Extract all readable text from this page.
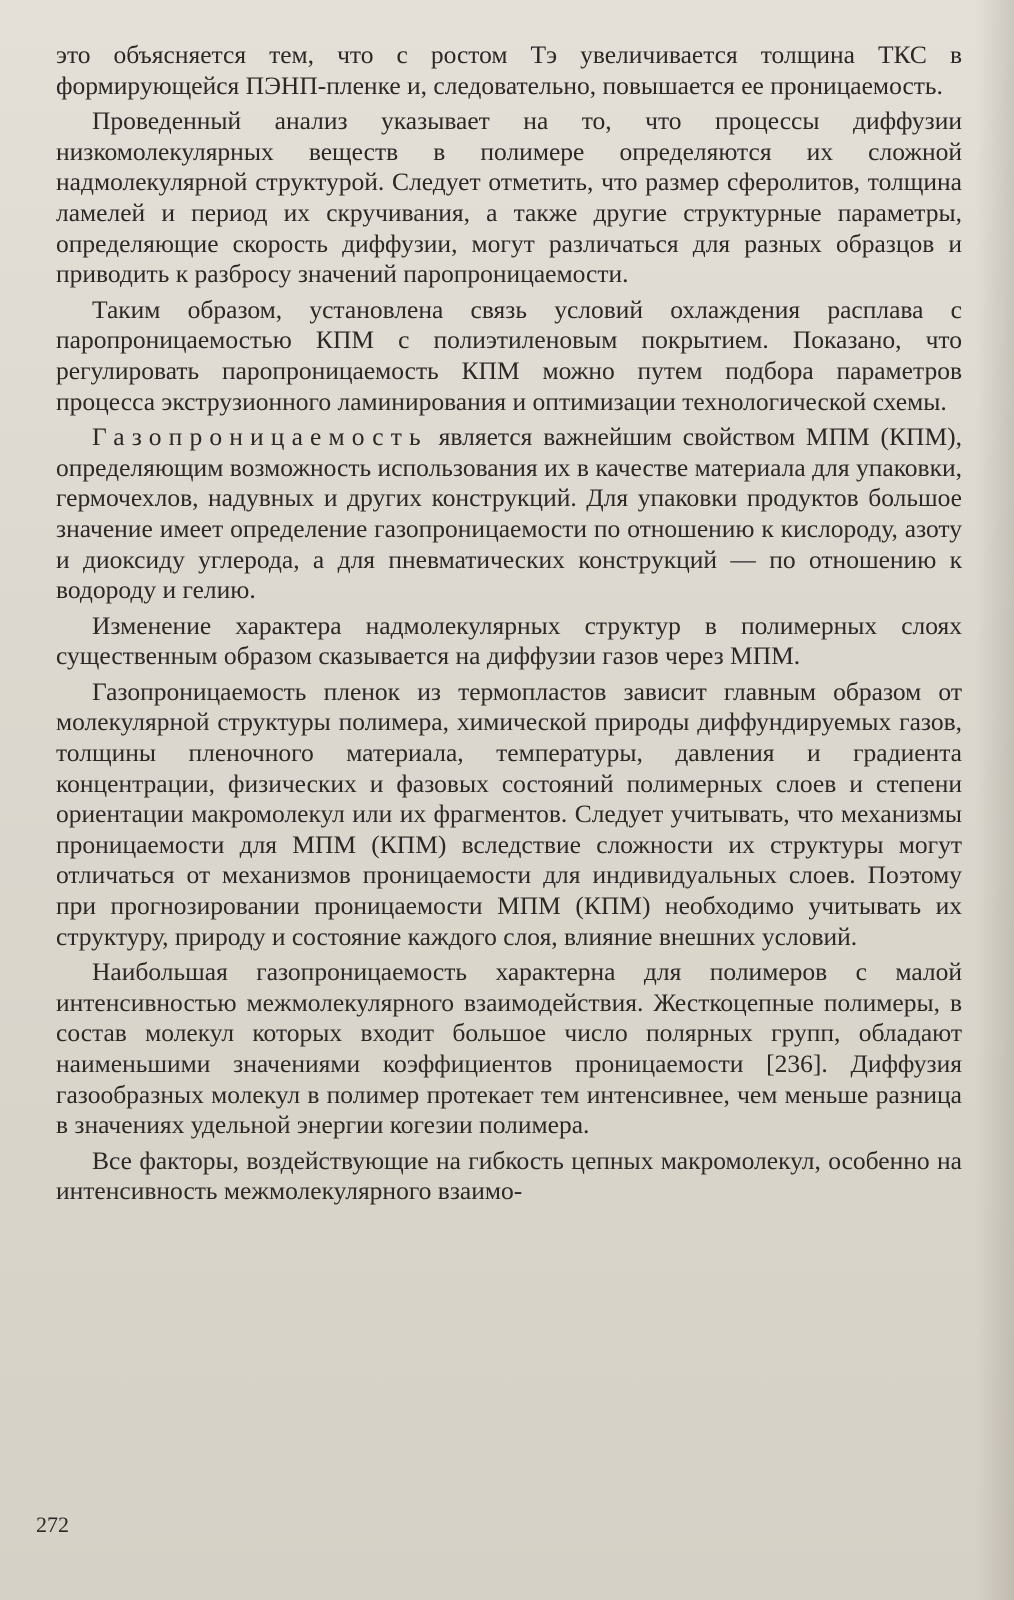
это объясняется тем, что с ростом Тэ увеличивается толщина ТКС в формирующейся ПЭНП-пленке и, следовательно, повышается ее проницаемость.

Проведенный анализ указывает на то, что процессы диффузии низкомолекулярных веществ в полимере определяются их сложной надмолекулярной структурой. Следует отметить, что размер сферолитов, толщина ламелей и период их скручивания, а также другие структурные параметры, определяющие скорость диффузии, могут различаться для разных образцов и приводить к разбросу значений паропроницаемости.

Таким образом, установлена связь условий охлаждения расплава с паропроницаемостью КПМ с полиэтиленовым покрытием. Показано, что регулировать паропроницаемость КПМ можно путем подбора параметров процесса экструзионного ламинирования и оптимизации технологической схемы.

Газопроницаемость является важнейшим свойством МПМ (КПМ), определяющим возможность использования их в качестве материала для упаковки, гермочехлов, надувных и других конструкций. Для упаковки продуктов большое значение имеет определение газопроницаемости по отношению к кислороду, азоту и диоксиду углерода, а для пневматических конструкций — по отношению к водороду и гелию.

Изменение характера надмолекулярных структур в полимерных слоях существенным образом сказывается на диффузии газов через МПМ.

Газопроницаемость пленок из термопластов зависит главным образом от молекулярной структуры полимера, химической природы диффундируемых газов, толщины пленочного материала, температуры, давления и градиента концентрации, физических и фазовых состояний полимерных слоев и степени ориентации макромолекул или их фрагментов. Следует учитывать, что механизмы проницаемости для МПМ (КПМ) вследствие сложности их структуры могут отличаться от механизмов проницаемости для индивидуальных слоев. Поэтому при прогнозировании проницаемости МПМ (КПМ) необходимо учитывать их структуру, природу и состояние каждого слоя, влияние внешних условий.

Наибольшая газопроницаемость характерна для полимеров с малой интенсивностью межмолекулярного взаимодействия. Жесткоцепные полимеры, в состав молекул которых входит большое число полярных групп, обладают наименьшими значениями коэффициентов проницаемости [236]. Диффузия газообразных молекул в полимер протекает тем интенсивнее, чем меньше разница в значениях удельной энергии когезии полимера.

Все факторы, воздействующие на гибкость цепных макромолекул, особенно на интенсивность межмолекулярного взаимо-

272
